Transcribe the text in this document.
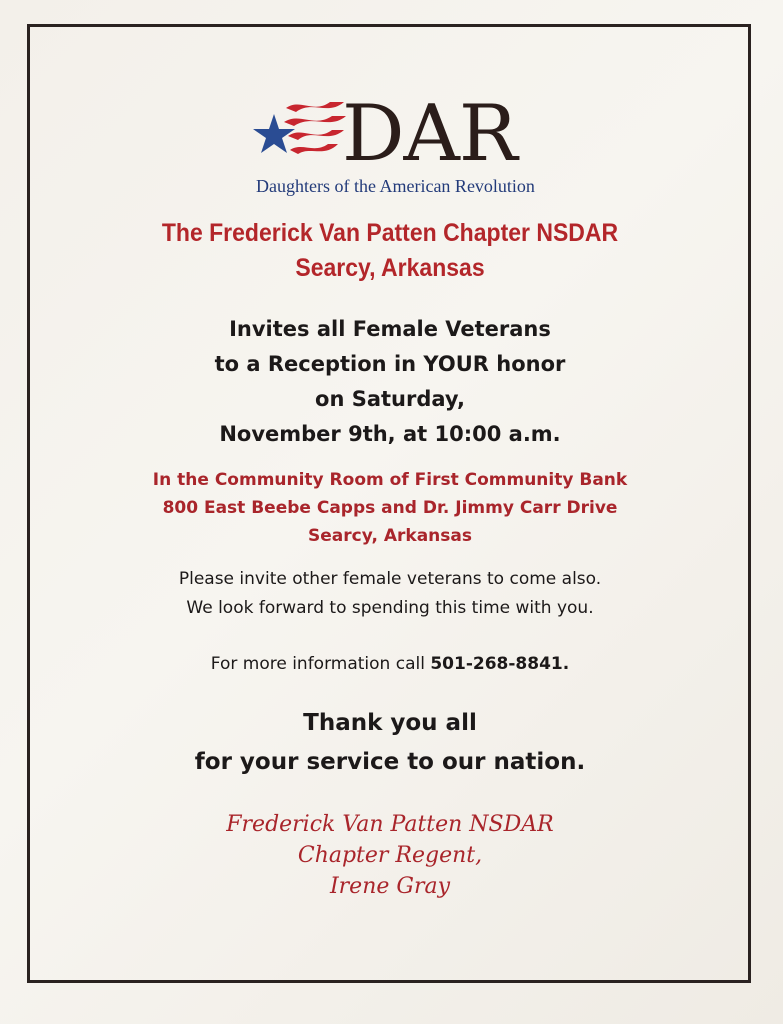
DAR
Daughters of the American Revolution

The Frederick Van Patten Chapter NSDAR

Searcy, Arkansas

Invites all Female Veterans

to a Reception in YOUR honor

on Saturday,

November 9th, at 10:00 a.m.

In the Community Room of First Community Bank

800 East Beebe Capps and Dr. Jimmy Carr Drive

Searcy, Arkansas

Please invite other female veterans to come also.

We look forward to spending this time with you.

For more information call 501-268-8841.

Thank you all

for your service to our nation.

Frederick Van Patten NSDAR

Chapter Regent,

Irene Gray
